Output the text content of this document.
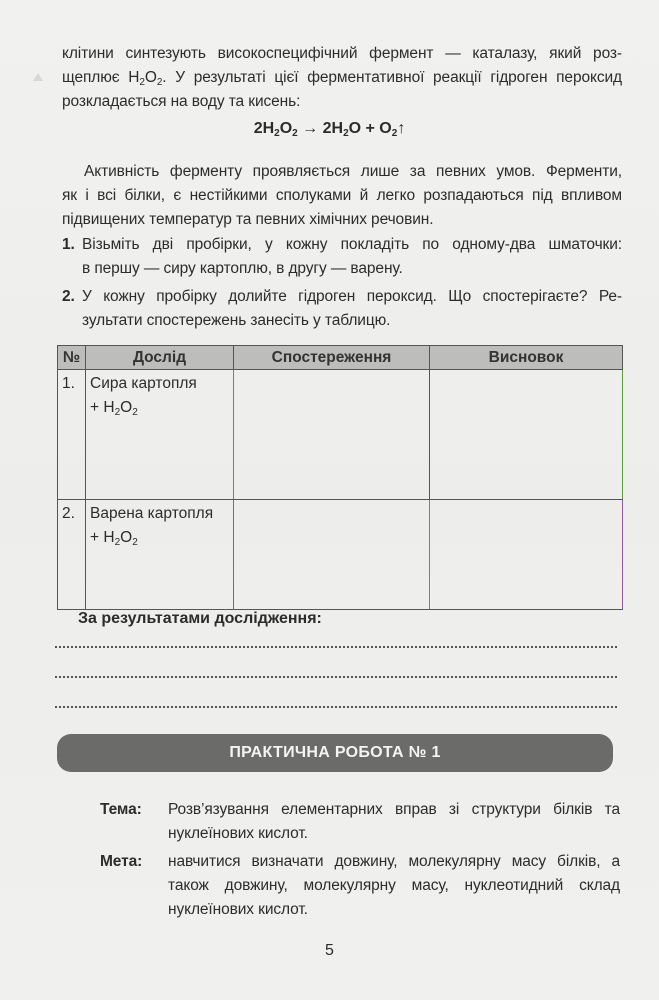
клітини синтезують високоспецифічний фермент — каталазу, який роз-
щеплює $H_2O_2$. У результаті цієї ферментативної реакції гідроген пероксид
розкладається на воду та кисень:
$2H_2O_2 \to 2H_2O$ + $O_2↑$
Активність ферменту проявляється лише за певних умов. Ферменти,
як і всі білки, є нестійкими сполуками й легко розпадаються під впливом
підвищених температур та певних хімічних речовин.
1. Візьміть дві пробірки, у кожну покладіть по одному-два шматочки:
в першу — сиру картоплю, в другу — варену.
2. У кожну пробірку долийте гідроген пероксид. Що спостерігаєте? Ре-
зультати спостережень занесіть у таблицю.
№	Дослід	Спостереження	Висновок
1.	Сира картопля
+ $H_2O_2$

2.	Варена картопля
+ $H_2O_2$

За результатами дослідження:
ПРАКТИЧНА РОБОТА № 1
Тема: Розв’язування елементарних вправ зі структури білків та нуклеїнових кислот.
Мета: навчитися визначати довжину, молекулярну масу білків, а також довжину, молекулярну масу, нуклеотидний склад нуклеїнових кислот.
5
